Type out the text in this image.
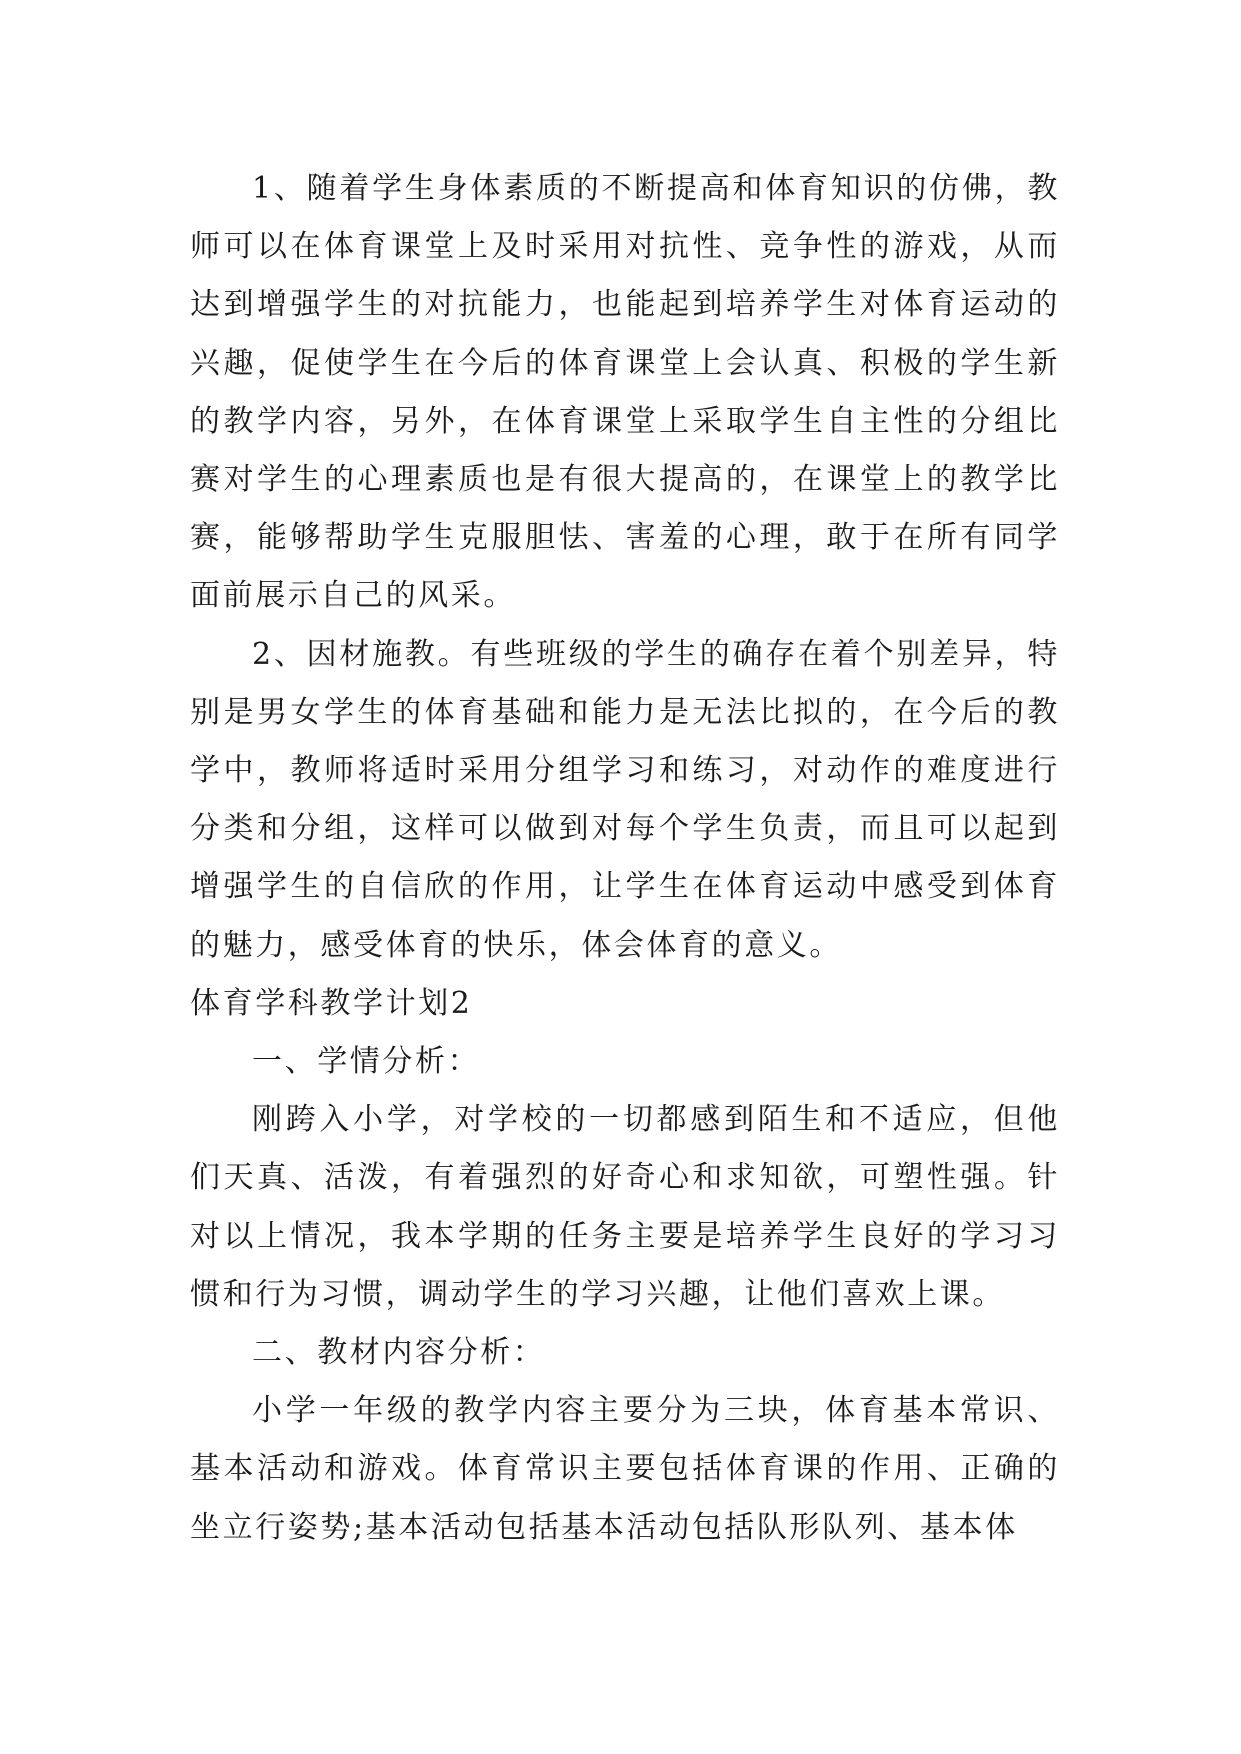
1、随着学生身体素质的不断提高和体育知识的仿佛，教师可以在体育课堂上及时采用对抗性、竞争性的游戏，从而达到增强学生的对抗能力，也能起到培养学生对体育运动的兴趣，促使学生在今后的体育课堂上会认真、积极的学生新的教学内容，另外，在体育课堂上采取学生自主性的分组比赛对学生的心理素质也是有很大提高的，在课堂上的教学比赛，能够帮助学生克服胆怯、害羞的心理，敢于在所有同学面前展示自己的风采。

2、因材施教。有些班级的学生的确存在着个别差异，特别是男女学生的体育基础和能力是无法比拟的，在今后的教学中，教师将适时采用分组学习和练习，对动作的难度进行分类和分组，这样可以做到对每个学生负责，而且可以起到增强学生的自信欣的作用，让学生在体育运动中感受到体育的魅力，感受体育的快乐，体会体育的意义。

体育学科教学计划2

一、学情分析：

刚跨入小学，对学校的一切都感到陌生和不适应，但他们天真、活泼，有着强烈的好奇心和求知欲，可塑性强。针对以上情况，我本学期的任务主要是培养学生良好的学习习惯和行为习惯，调动学生的学习兴趣，让他们喜欢上课。

二、教材内容分析：

小学一年级的教学内容主要分为三块，体育基本常识、基本活动和游戏。体育常识主要包括体育课的作用、正确的坐立行姿势;基本活动包括基本活动包括队形队列、基本体
